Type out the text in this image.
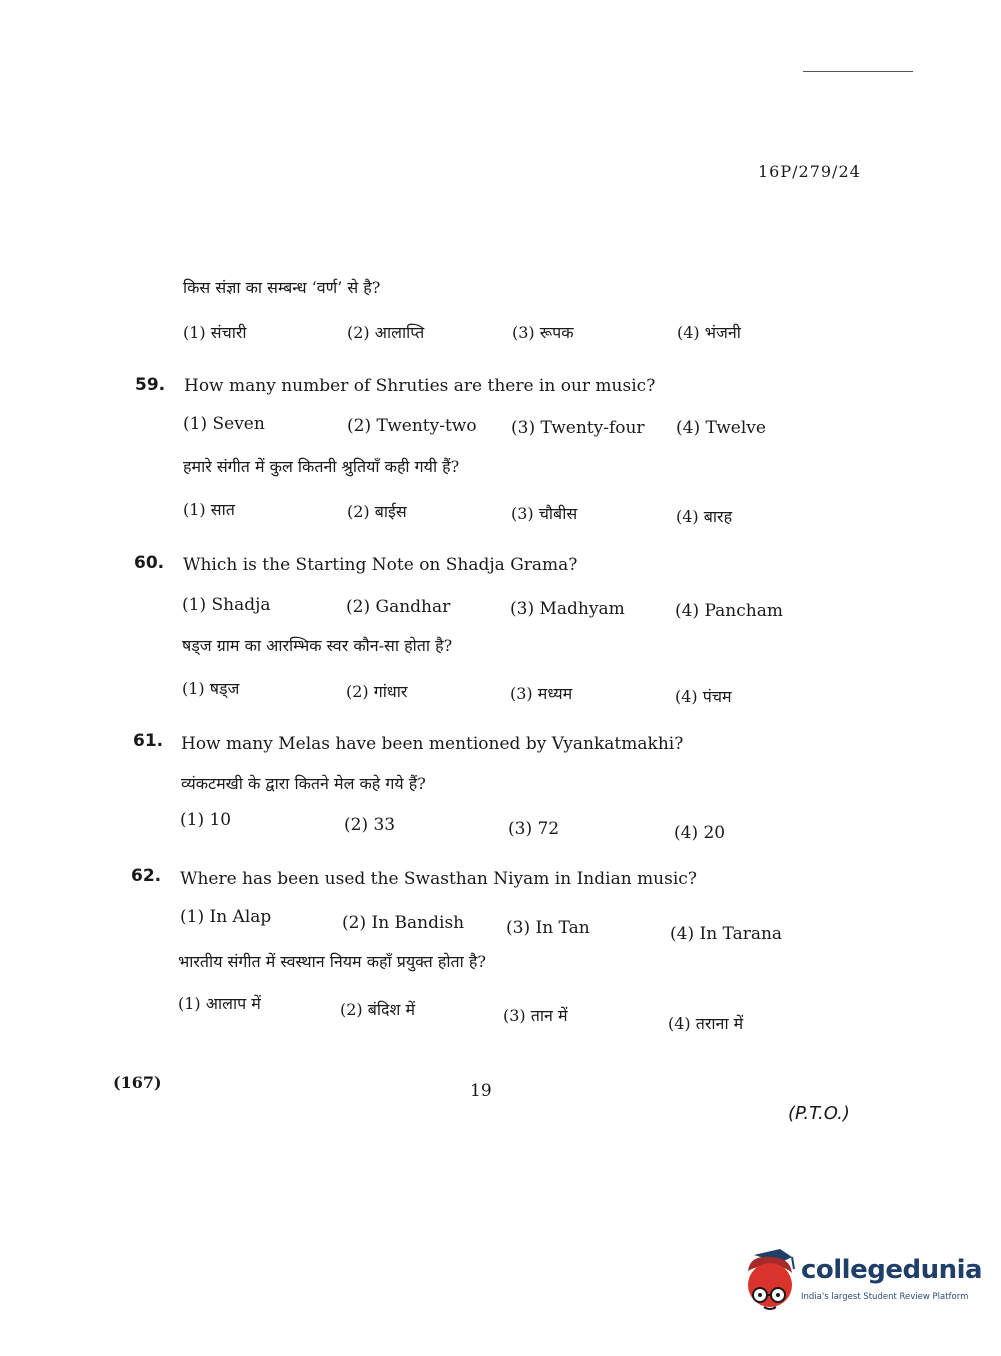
16P/279/24
किस संज्ञा का सम्बन्ध ‘वर्ण’ से है?
(1) संचारी	(2) आलाप्ति	(3) रूपक	(4) भंजनी
59. How many number of Shruties are there in our music?
(1) Seven	(2) Twenty-two (3) Twenty-four (4) Twelve
हमारे संगीत में कुल कितनी श्रुतियाँ कही गयी हैं?
(1) सात	(2) बाईस	(3) चौबीस	(4) बारह
60. Which is the Starting Note on Shadja Grama?
(1) Shadja	(2) Gandhar	(3) Madhyam	(4) Pancham
षड्ज ग्राम का आरम्भिक स्वर कौन-सा होता है?
(1) षड्ज	(2) गांधार	(3) मध्यम	(4) पंचम
61. How many Melas have been mentioned by Vyankatmakhi?
व्यंकटमखी के द्वारा कितने मेल कहे गये हैं?
(1) 10	(2) 33	(3) 72	(4) 20
62. Where has been used the Swasthan Niyam in Indian music?
(1) In Alap	(2) In Bandish (3) In Tan	(4) In Tarana
भारतीय संगीत में स्वस्थान नियम कहाँ प्रयुक्त होता है?
(1) आलाप में	(2) बंदिश में	(3) तान में	(4) तराना में
(167)	19
(P.T.O.)
collegedunia
India's largest Student Review Platform
